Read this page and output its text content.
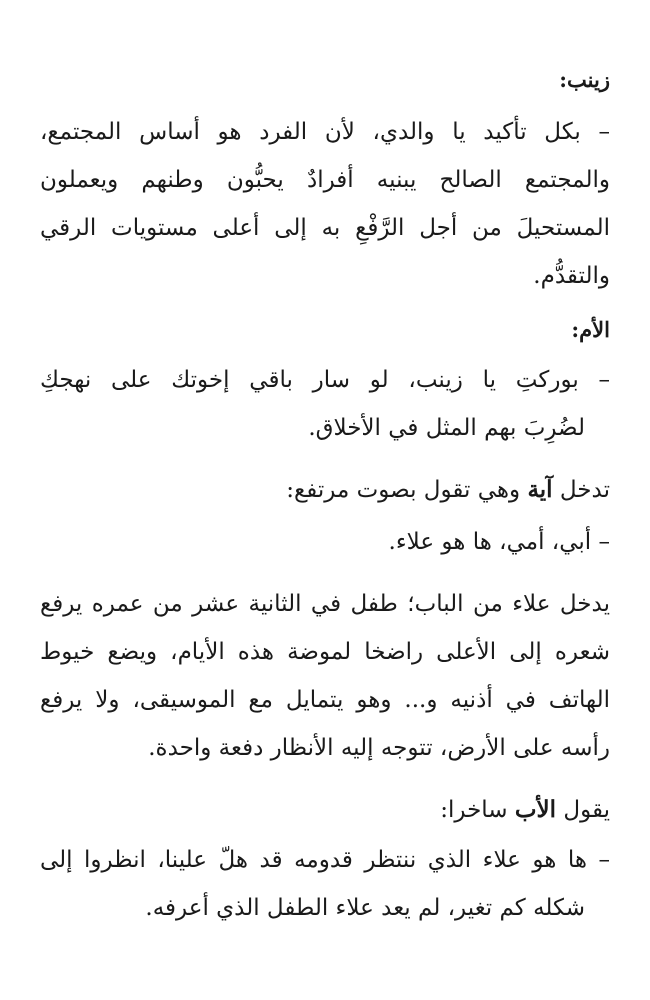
زينب:
– بكل تأكيد يا والدي، لأن الفرد هو أساس المجتمع،
والمجتمع الصالح يبنيه أفرادٌ يحبُّون وطنهم ويعملون
المستحيلَ من أجل الرَّفْعِ به إلى أعلى مستويات الرقي
والتقدُّم.
الأم:
– بوركتِ يا زينب، لو سار باقي إخوتك على نهجكِ
لضُرِبَ بهم المثل في الأخلاق.
تدخل آية وهي تقول بصوت مرتفع:
– أبي، أمي، ها هو علاء.
يدخل علاء من الباب؛ طفل في الثانية عشر من عمره يرفع
شعره إلى الأعلى راضخا لموضة هذه الأيام، ويضع خيوط
الهاتف في أذنيه و... وهو يتمايل مع الموسيقى، ولا يرفع
رأسه على الأرض، تتوجه إليه الأنظار دفعة واحدة.
يقول الأب ساخرا:
– ها هو علاء الذي ننتظر قدومه قد هلّ علينا، انظروا إلى
شكله كم تغير، لم يعد علاء الطفل الذي أعرفه.
